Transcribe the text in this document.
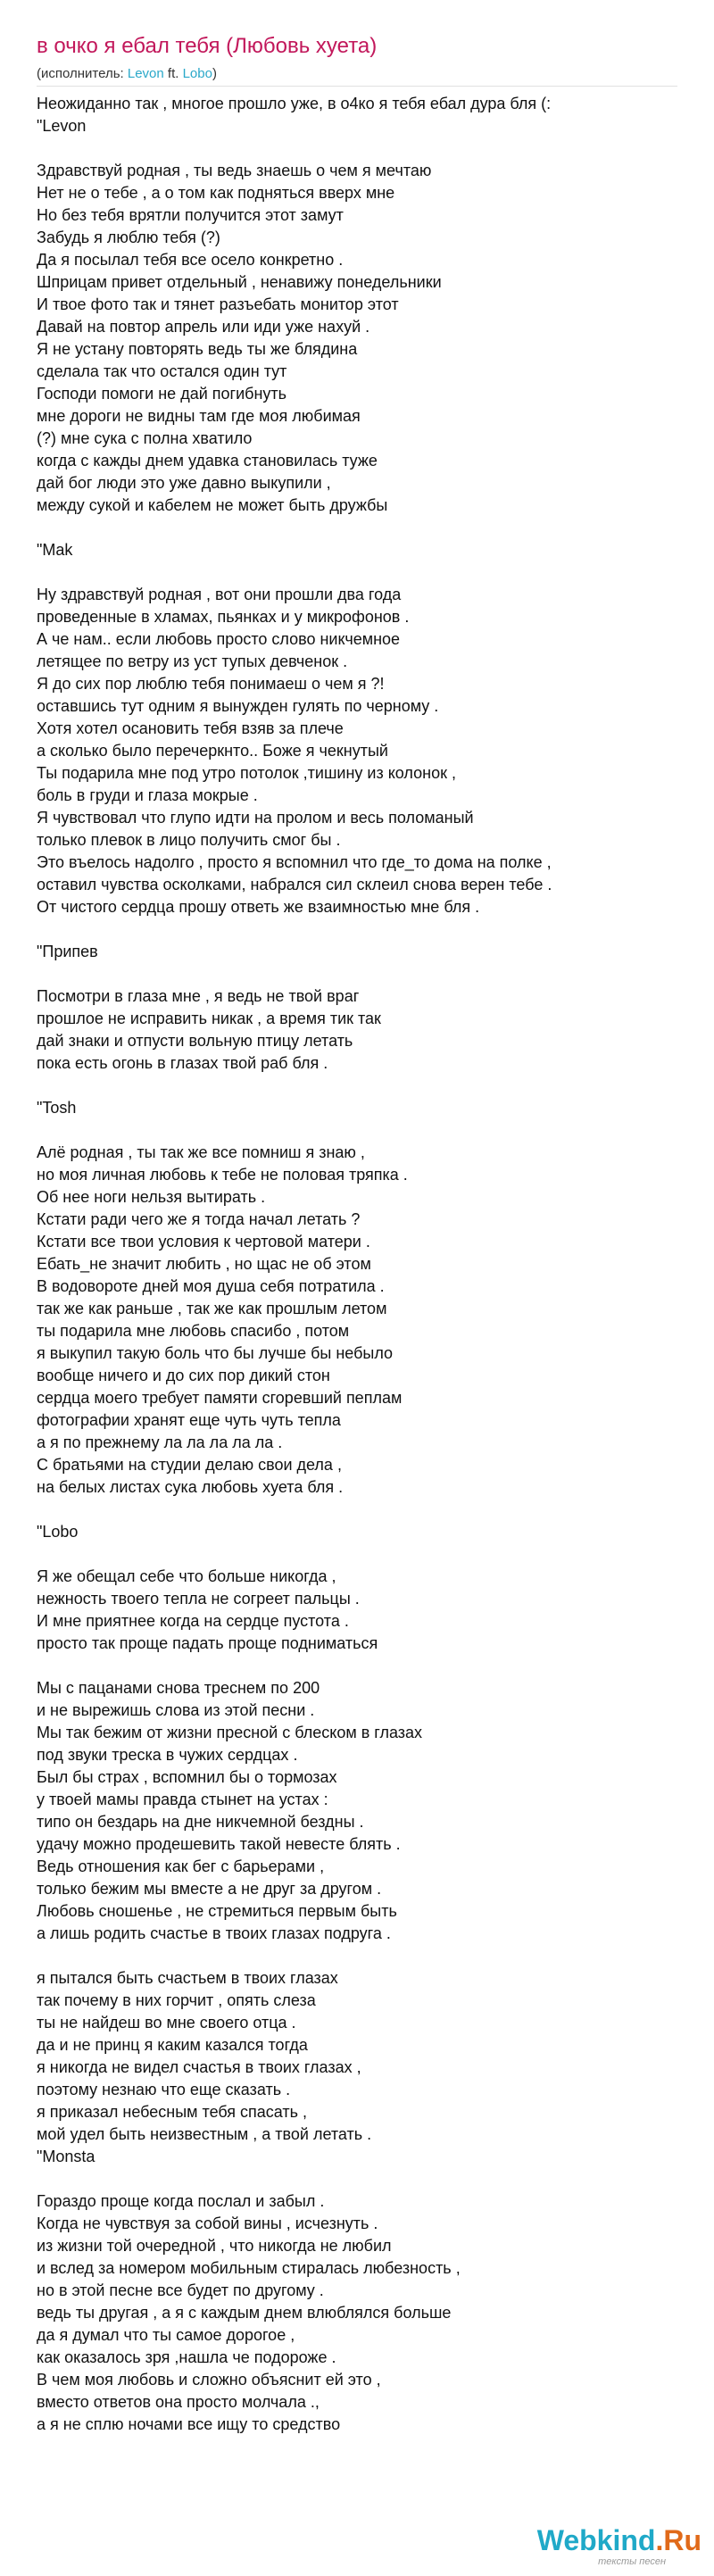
в очко я ебал тебя (Любовь хуета)
(исполнитель: Levon ft. Lobo)
Неожиданно так , многое прошло уже, в о4ко я тебя ебал дура бля (:
"Levon
Здравствуй родная , ты ведь знаешь о чем я мечтаю
Нет не о тебе , а о том как подняться вверх мне
Но без тебя врятли получится этот замут
Забудь я люблю тебя (?)
Да я посылал тебя все осело конкретно .
Шприцам привет отдельный , ненавижу понедельники
И твое фото так и тянет разъебать монитор этот
Давай на повтор апрель или иди уже нахуй .
Я не устану повторять ведь ты же блядина
сделала так что остался один тут
Господи помоги не дай погибнуть
мне дороги не видны там где моя любимая
(?) мне сука с полна хватило
когда с кажды днем удавка становилась туже
дай бог люди это уже давно выкупили ,
между сукой и кабелем не может быть дружбы
"Mak
Ну здравствуй родная , вот они прошли два года
проведенные в хламах, пьянках и у микрофонов .
А че нам.. если любовь просто слово никчемное
летящее по ветру из уст тупых девченок .
Я до сих пор люблю тебя понимаеш о чем я ?!
оставшись тут одним я вынужден гулять по черному .
Хотя хотел осановить тебя взяв за плече
а сколько было перечеркнто.. Боже я чекнутый
Ты подарила мне под утро потолок ,тишину из колонок ,
боль в груди и глаза мокрые .
Я чувствовал что глупо идти на пролом и весь поломаный
только плевок в лицо получить смог бы .
Это въелось надолго , просто я вспомнил что где_то дома на полке ,
оставил чувства осколками, набрался сил склеил снова верен тебе .
От чистого сердца прошу ответь же взаимностью мне бля .
"Припев
Посмотри в глаза мне , я ведь не твой враг
прошлое не исправить никак , а время тик так
дай знаки и отпусти вольную птицу летать
пока есть огонь в глазах твой раб бля .
"Tosh
Алё родная , ты так же все помниш я знаю ,
но моя личная любовь к тебе не половая тряпка .
Об нее ноги нельзя вытирать .
Кстати ради чего же я тогда начал летать ?
Кстати все твои условия к чертовой матери .
Ебать_не значит любить , но щас не об этом
В водовороте дней моя душа себя потратила .
так же как раньше , так же как прошлым летом
ты подарила мне любовь спасибо , потом
я выкупил такую боль что бы лучше бы небыло
вообще ничего и до сих пор дикий стон
сердца моего требует памяти сгоревший пеплам
фотографии хранят еще чуть чуть тепла
а я по прежнему ла ла ла ла ла .
С братьями на студии делаю свои дела ,
на белых листах сука любовь хуета бля .
"Lobo
Я же обещал себе что больше никогда ,
нежность твоего тепла не согреет пальцы .
И мне приятнее когда на сердце пустота .
просто так проще падать проще подниматься
Мы с пацанами снова треснем по 200
и не вырежишь слова из этой песни .
Мы так бежим от жизни пресной с блеском в глазах
под звуки треска в чужих сердцах .
Был бы страх , вспомнил бы о тормозах
у твоей мамы правда стынет на устах :
типо он бездарь на дне никчемной бездны .
удачу можно продешевить такой невесте блять .
Ведь отношения как бег с барьерами ,
только бежим мы вместе а не друг за другом .
Любовь сношенье , не стремиться первым быть
а лишь родить счастье в твоих глазах подруга .
я пытался быть счастьем в твоих глазах
так почему в них горчит , опять слеза
ты не найдеш во мне своего отца .
да и не принц я каким казался тогда
я никогда не видел счастья в твоих глазах ,
поэтому незнаю что еще сказать .
я приказал небесным тебя спасать ,
мой удел быть неизвестным , а твой летать .
"Monsta
Гораздо проще когда послал и забыл .
Когда не чувствуя за собой вины , исчезнуть .
из жизни той очередной , что никогда не любил
и вслед за номером мобильным стиралась любезность ,
но в этой песне все будет по другому .
ведь ты другая , а я с каждым днем влюблялся больше
да я думал что ты самое дорогое ,
как оказалось зря ,нашла че подороже .
В чем моя любовь и сложно объяснит ей это ,
вместо ответов она просто молчала .,
а я не сплю ночами все ищу то средство
Webkind.Ru
тексты песен
